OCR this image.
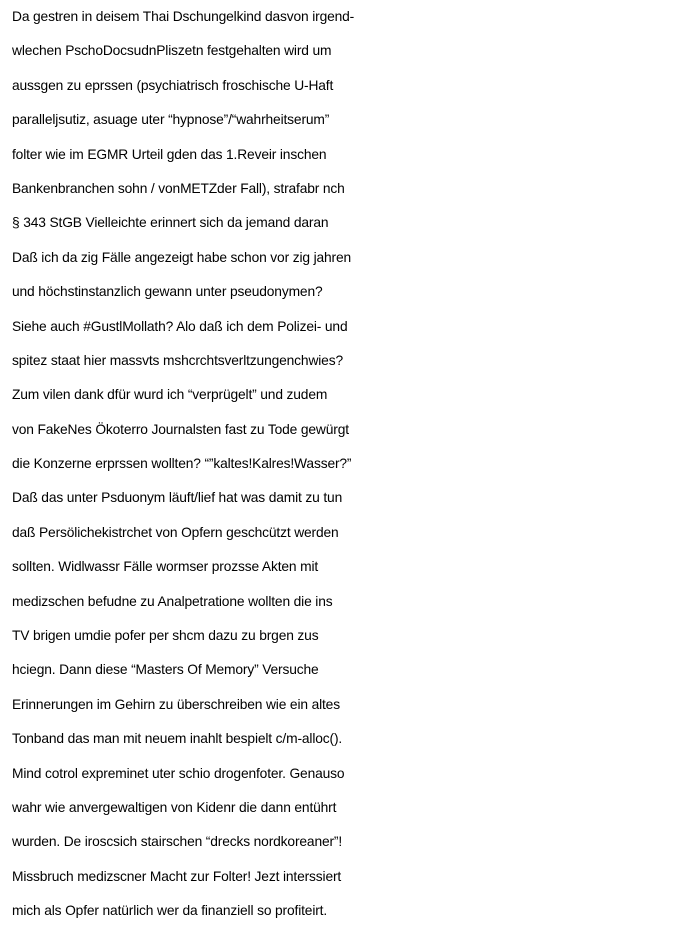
Da gestren in deisem Thai Dschungelkind dasvon irgend-
wlechen PschoDocsudnPliszetn festgehalten wird um
aussgen zu eprssen (psychiatrisch froschische U-Haft
paralleljsutiz, asuage uter “hypnose”/“wahrheitserum”
folter wie im EGMR Urteil gden das 1.Reveir inschen
Bankenbranchen sohn / vonMETZder Fall), strafabr nch
§ 343 StGB Vielleichte erinnert sich da jemand daran
Daß ich da zig Fälle angezeigt habe schon vor zig jahren
und höchstinstanzlich gewann unter pseudonymen?
Siehe auch #GustlMollath? Alo daß ich dem Polizei- und
spitez staat hier massvts mshcrchtsverltzungenchwies?
Zum vilen dank dfür wurd ich “verprügelt” und zudem
von FakeNes Ökoterro Journalsten fast zu Tode gewürgt
die Konzerne erprssen wollten? “”kaltes!Kalres!Wasser?”
Daß das unter Psduonym läuft/lief hat was damit zu tun
daß Persölichekistrchet von Opfern geschcützt werden
sollten. Widlwassr Fälle wormser prozsse Akten mit
medizschen befudne zu Analpetratione wollten die ins
TV brigen umdie pofer per shcm dazu zu brgen zus
hciegn. Dann diese “Masters Of Memory” Versuche
Erinnerungen im Gehirn zu überschreiben wie ein altes
Tonband das man mit neuem inahlt bespielt c/m-alloc().
Mind cotrol expreminet uter schio drogenfoter. Genauso
wahr wie anvergewaltigen von Kidenr die dann entührt
wurden. De iroscsich stairschen “drecks nordkoreaner”!
Missbruch medizscner Macht zur Folter! Jezt interssiert
mich als Opfer natürlich wer da finanziell so profiteirt.
